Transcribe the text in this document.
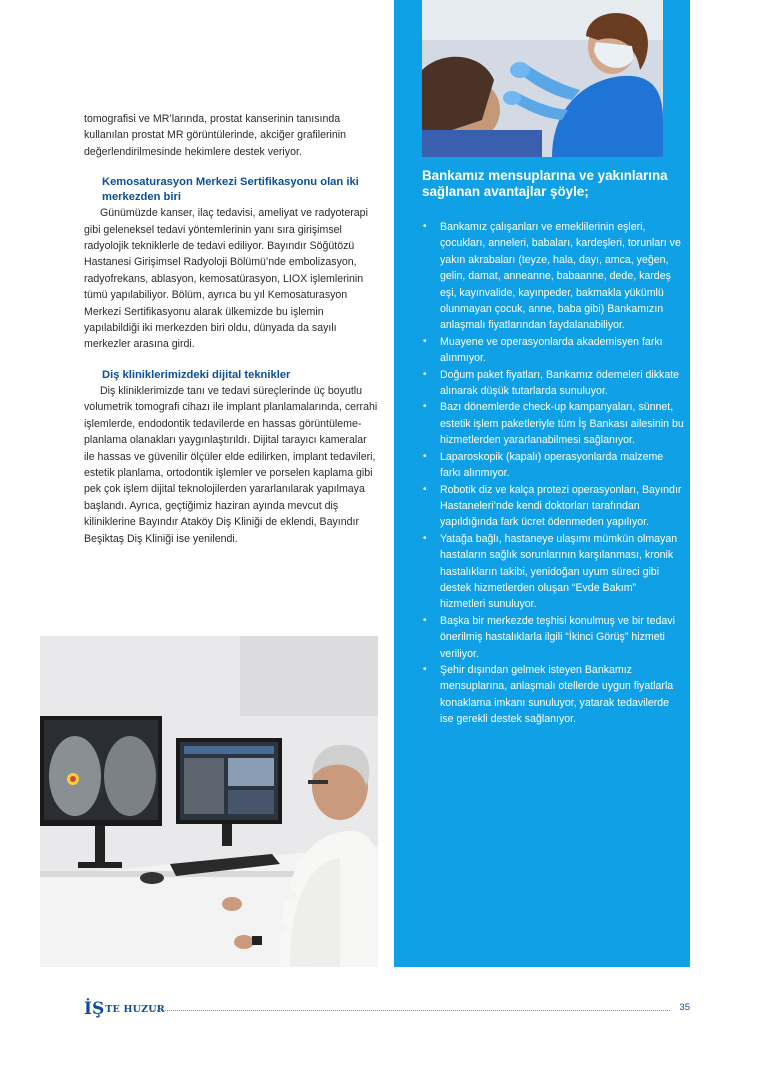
tomografisi ve MR’larında, prostat kanserinin tanısında kullanılan prostat MR görüntülerinde, akciğer grafilerinin değerlendirilmesinde hekimlere destek veriyor.

Kemosaturasyon Merkezi Sertifikasyonu olan iki merkezden biri

Günümüzde kanser, ilaç tedavisi, ameliyat ve radyoterapi gibi geleneksel tedavi yöntemlerinin yanı sıra girişimsel radyolojik tekniklerle de tedavi ediliyor. Bayındır Söğütözü Hastanesi Girişimsel Radyoloji Bölümü’nde embolizasyon, radyofrekans, ablasyon, kemosatürasyon, LIOX işlemlerinin tümü yapılabiliyor. Bölüm, ayrıca bu yıl Kemosaturasyon Merkezi Sertifikasyonu alarak ülkemizde bu işlemin yapılabildiği iki merkezden biri oldu, dünyada da sayılı merkezler arasına girdi.

Diş kliniklerimizdeki dijital teknikler

Diş kliniklerimizde tanı ve tedavi süreçlerinde üç boyutlu volumetrik tomografi cihazı ile implant planlamalarında, cerrahi işlemlerde, endodontik tedavilerde en hassas görüntüleme-planlama olanakları yaygınlaştırıldı. Dijital tarayıcı kameralar ile hassas ve güvenilir ölçüler elde edilirken, implant tedavileri, estetik planlama, ortodontik işlemler ve porselen kaplama gibi pek çok işlem dijital teknolojilerden yararlanılarak yapılmaya başlandı. Ayrıca, geçtiğimiz haziran ayında mevcut diş kiliniklerine Bayındır Ataköy Diş Kliniği de eklendi, Bayındır Beşiktaş Diş Kliniği ise yenilendi.

Bankamız mensuplarına ve yakınlarına sağlanan avantajlar şöyle;
• Bankamız çalışanları ve emeklilerinin eşleri, çocukları, anneleri, babaları, kardeşleri, torunları ve yakın akrabaları (teyze, hala, dayı, amca, yeğen, gelin, damat, anneanne, babaanne, dede, kardeş eşi, kayınvalide, kayınpeder, bakmakla yükümlü olunmayan çocuk, anne, baba gibi) Bankamızın anlaşmalı fiyatlarından faydalanabiliyor.
• Muayene ve operasyonlarda akademisyen farkı alınmıyor.
• Doğum paket fiyatları, Bankamız ödemeleri dikkate alınarak düşük tutarlarda sunuluyor.
• Bazı dönemlerde check-up kampanyaları, sünnet, estetik işlem paketleriyle tüm İş Bankası ailesinin bu hizmetlerden yararlanabilmesi sağlanıyor.
• Laparoskopik (kapalı) operasyonlarda malzeme farkı alınmıyor.
• Robotik diz ve kalça protezi operasyonları, Bayındır Hastaneleri’nde kendi doktorları tarafından yapıldığında fark ücret ödenmeden yapılıyor.
• Yatağa bağlı, hastaneye ulaşımı mümkün olmayan hastaların sağlık sorunlarının karşılanması, kronik hastalıkların takibi, yenidoğan uyum süreci gibi destek hizmetlerden oluşan “Evde Bakım” hizmetleri sunuluyor.
• Başka bir merkezde teşhisi konulmuş ve bir tedavi önerilmiş hastalıklarla ilgili “İkinci Görüş” hizmeti veriliyor.
• Şehir dışından gelmek isteyen Bankamız mensuplarına, anlaşmalı otellerde uygun fiyatlarla konaklama imkanı sunuluyor, yatarak tedavilerde ise gerekli destek sağlanıyor.
İŞ TE HUZUR	35
